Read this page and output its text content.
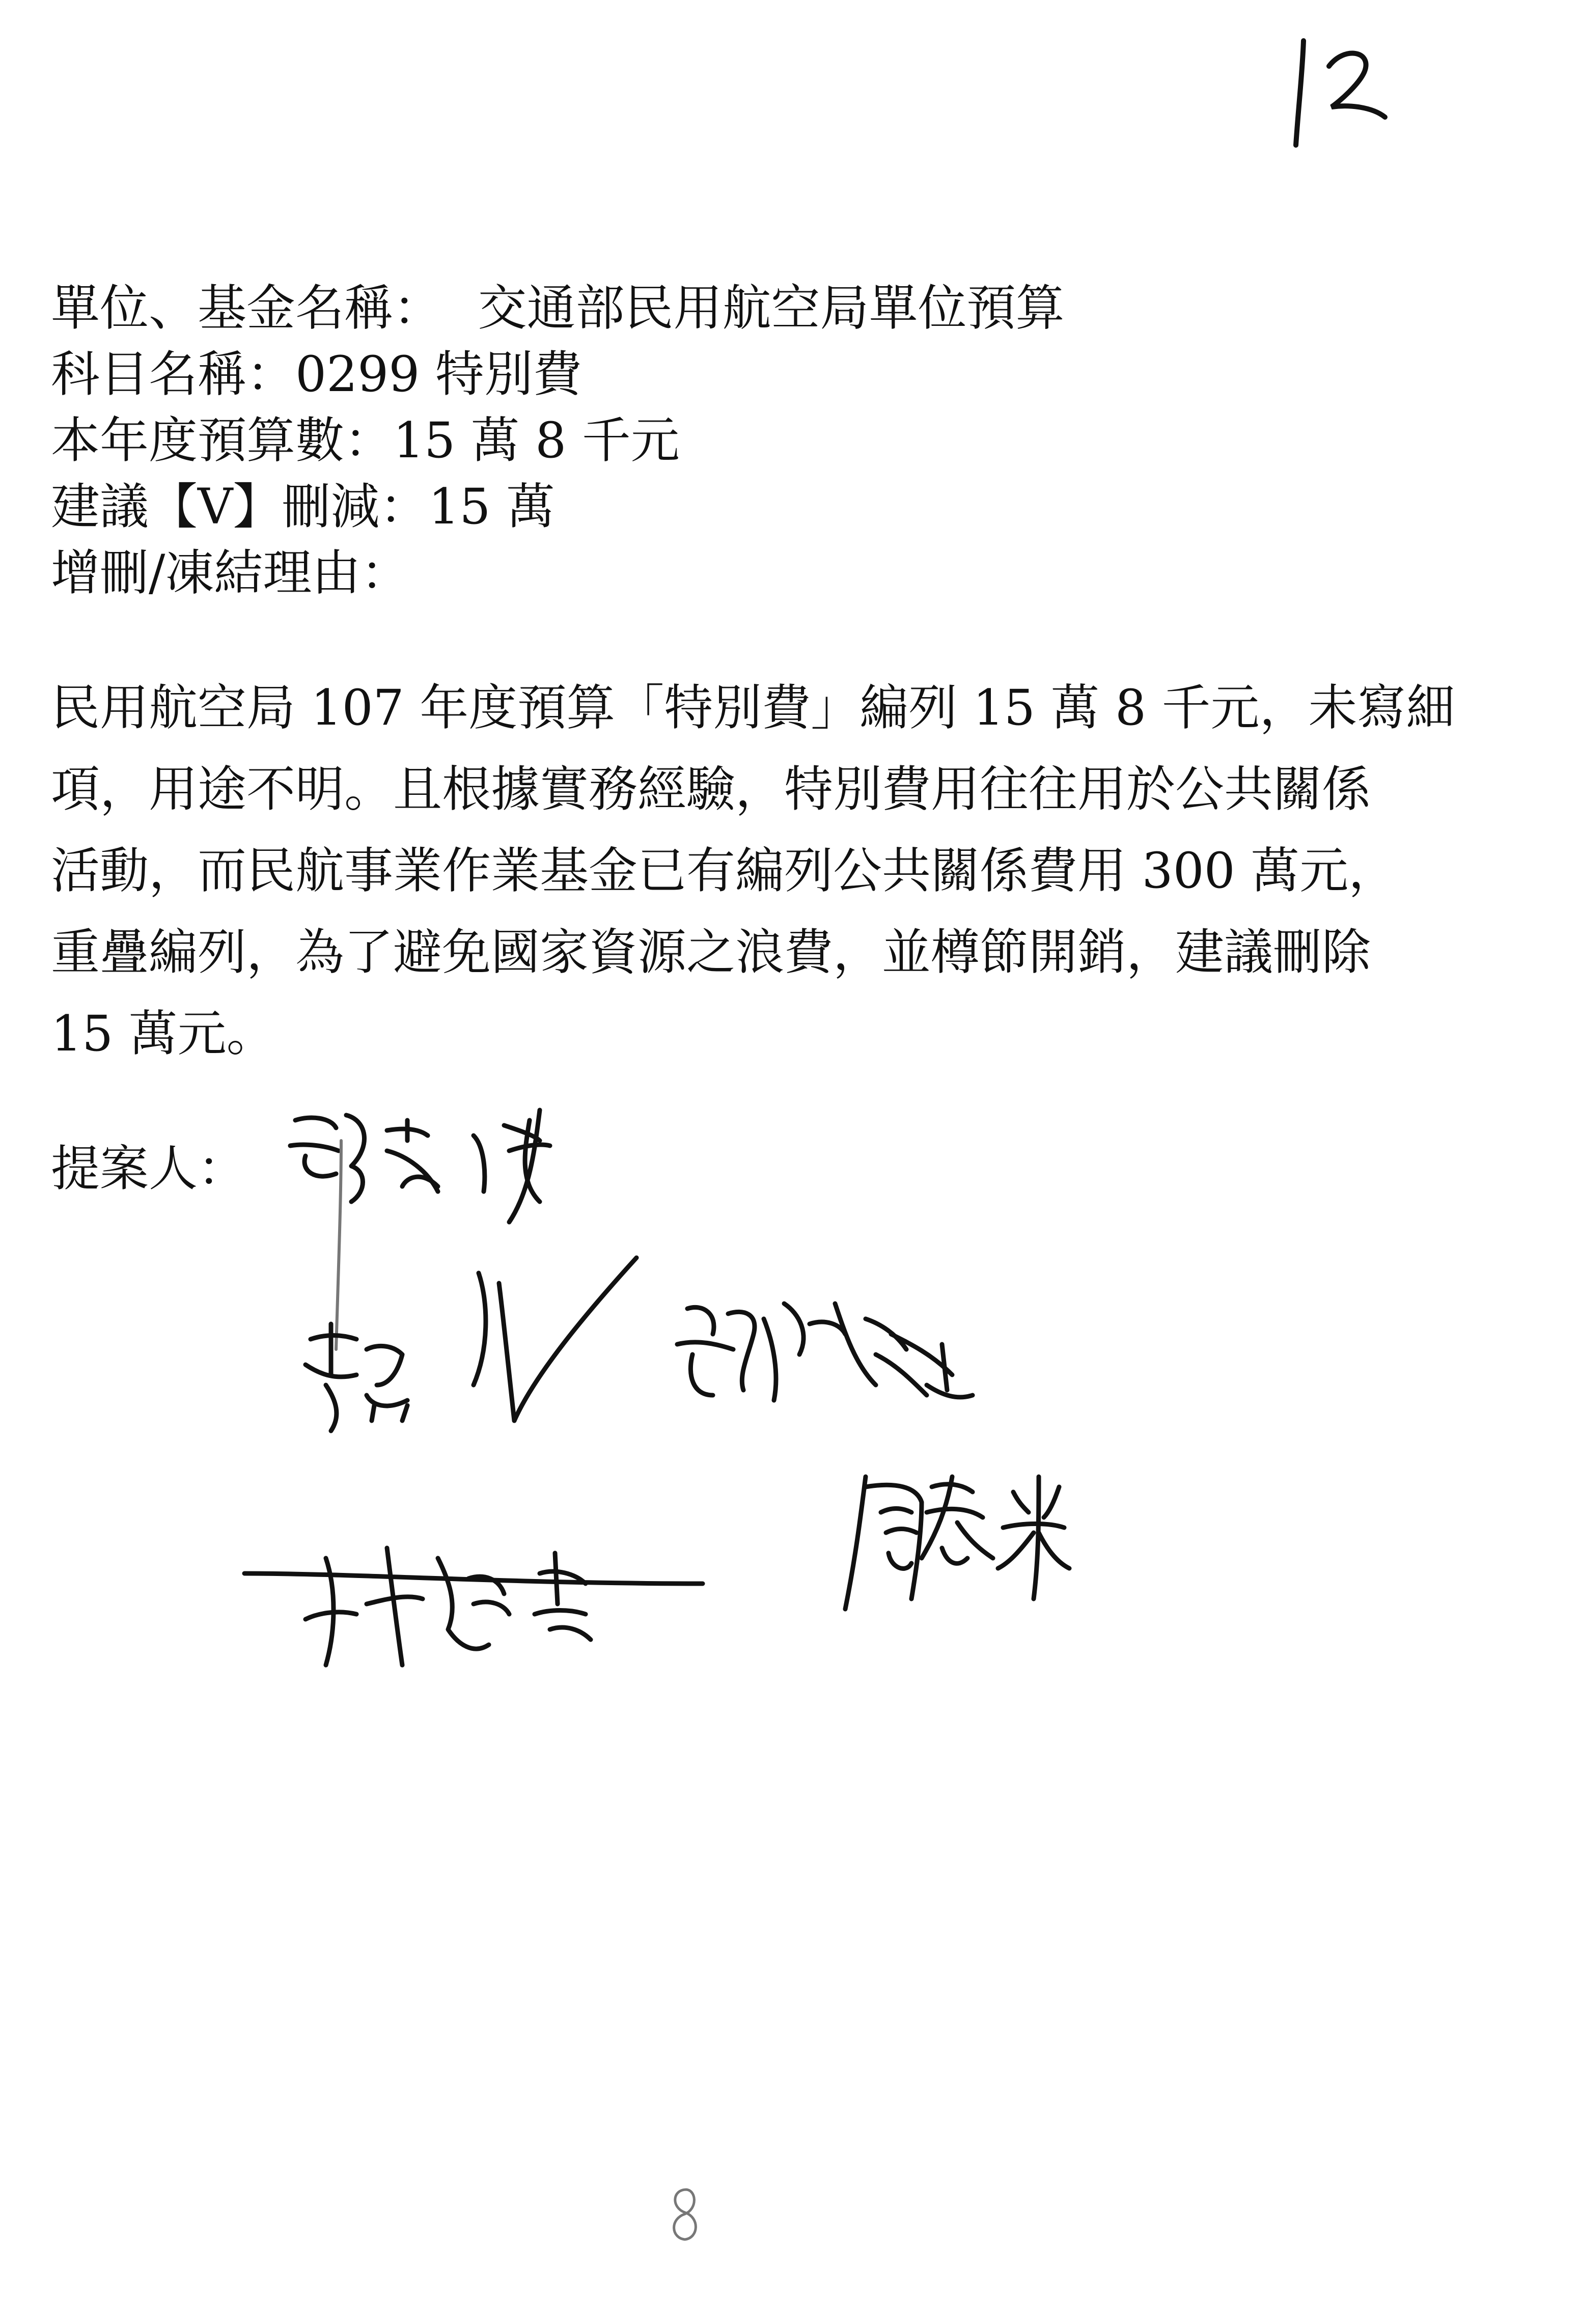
單位、基金名稱： 交通部民用航空局單位預算
科目名稱：0299 特別費
本年度預算數：15 萬 8 千元
建議【V】刪減：15 萬
增刪/凍結理由：
民用航空局 107 年度預算「特別費」編列 15 萬 8 千元，未寫細
項，用途不明。且根據實務經驗，特別費用往往用於公共關係
活動，而民航事業作業基金已有編列公共關係費用 300 萬元，
重疊編列，為了避免國家資源之浪費，並樽節開銷，建議刪除
15 萬元。
提案人：
